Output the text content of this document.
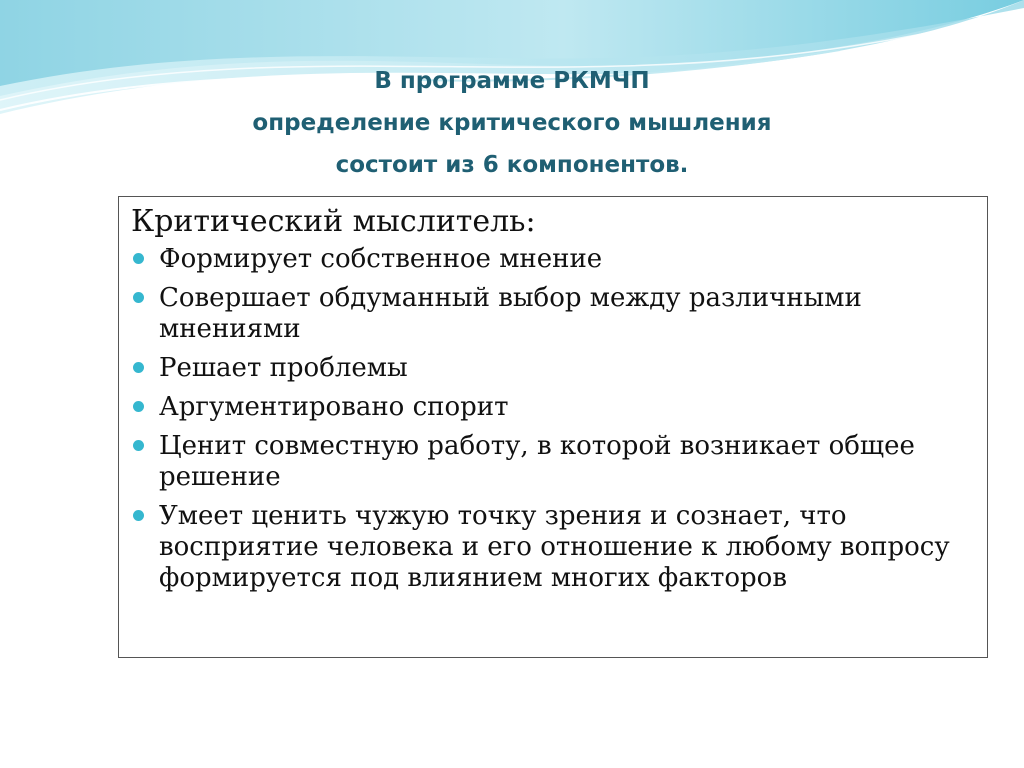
В программе РКМЧП
определение критического мышления
состоит из 6 компонентов.
Критический мыслитель:
Формирует собственное мнение
Совершает обдуманный выбор между различными мнениями
Решает проблемы
Аргументировано спорит
Ценит совместную работу, в которой возникает общее решение
Умеет ценить чужую точку зрения и сознает, что восприятие человека и его отношение к любому вопросу формируется под влиянием многих факторов
